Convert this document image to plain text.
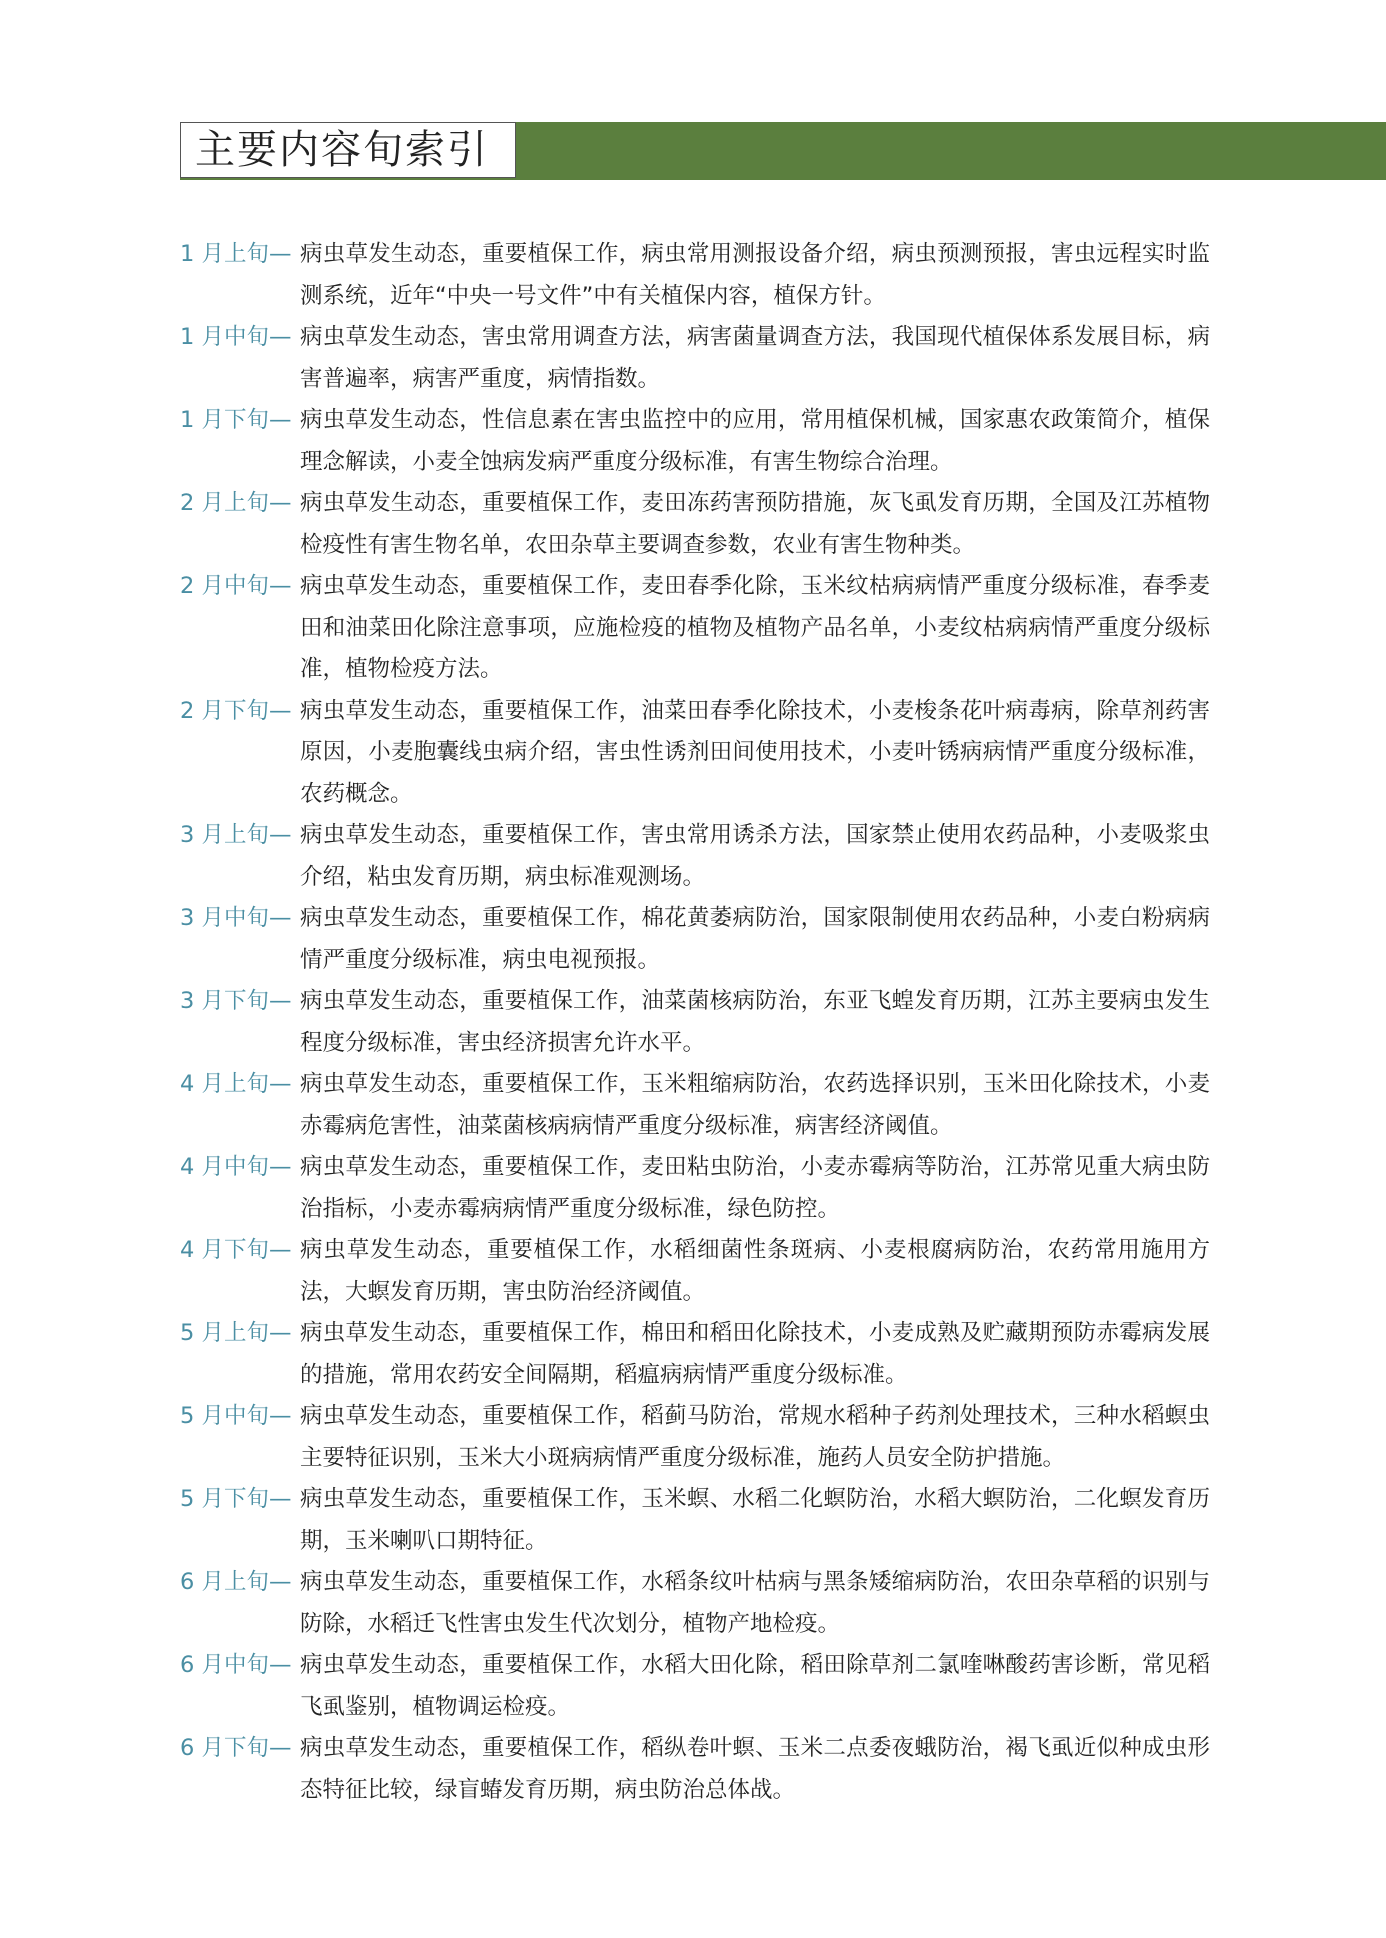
主要内容旬索引
1 月上旬— 病虫草发生动态，重要植保工作，病虫常用测报设备介绍，病虫预测预报，害虫远程实时监测系统，近年“中央一号文件”中有关植保内容，植保方针。
1 月中旬— 病虫草发生动态，害虫常用调查方法，病害菌量调查方法，我国现代植保体系发展目标，病害普遍率，病害严重度，病情指数。
1 月下旬— 病虫草发生动态，性信息素在害虫监控中的应用，常用植保机械，国家惠农政策简介，植保理念解读，小麦全蚀病发病严重度分级标准，有害生物综合治理。
2 月上旬— 病虫草发生动态，重要植保工作，麦田冻药害预防措施，灰飞虱发育历期，全国及江苏植物检疫性有害生物名单，农田杂草主要调查参数，农业有害生物种类。
2 月中旬— 病虫草发生动态，重要植保工作，麦田春季化除，玉米纹枯病病情严重度分级标准，春季麦田和油菜田化除注意事项，应施检疫的植物及植物产品名单，小麦纹枯病病情严重度分级标准，植物检疫方法。
2 月下旬— 病虫草发生动态，重要植保工作，油菜田春季化除技术，小麦梭条花叶病毒病，除草剂药害原因，小麦胞囊线虫病介绍，害虫性诱剂田间使用技术，小麦叶锈病病情严重度分级标准，农药概念。
3 月上旬— 病虫草发生动态，重要植保工作，害虫常用诱杀方法，国家禁止使用农药品种，小麦吸浆虫介绍，粘虫发育历期，病虫标准观测场。
3 月中旬— 病虫草发生动态，重要植保工作，棉花黄萎病防治，国家限制使用农药品种，小麦白粉病病情严重度分级标准，病虫电视预报。
3 月下旬— 病虫草发生动态，重要植保工作，油菜菌核病防治，东亚飞蝗发育历期，江苏主要病虫发生程度分级标准，害虫经济损害允许水平。
4 月上旬— 病虫草发生动态，重要植保工作，玉米粗缩病防治，农药选择识别，玉米田化除技术，小麦赤霉病危害性，油菜菌核病病情严重度分级标准，病害经济阈值。
4 月中旬— 病虫草发生动态，重要植保工作，麦田粘虫防治，小麦赤霉病等防治，江苏常见重大病虫防治指标，小麦赤霉病病情严重度分级标准，绿色防控。
4 月下旬— 病虫草发生动态，重要植保工作，水稻细菌性条斑病、小麦根腐病防治，农药常用施用方法，大螟发育历期，害虫防治经济阈值。
5 月上旬— 病虫草发生动态，重要植保工作，棉田和稻田化除技术，小麦成熟及贮藏期预防赤霉病发展的措施，常用农药安全间隔期，稻瘟病病情严重度分级标准。
5 月中旬— 病虫草发生动态，重要植保工作，稻蓟马防治，常规水稻种子药剂处理技术，三种水稻螟虫主要特征识别，玉米大小斑病病情严重度分级标准，施药人员安全防护措施。
5 月下旬— 病虫草发生动态，重要植保工作，玉米螟、水稻二化螟防治，水稻大螟防治，二化螟发育历期，玉米喇叭口期特征。
6 月上旬— 病虫草发生动态，重要植保工作，水稻条纹叶枯病与黑条矮缩病防治，农田杂草稻的识别与防除，水稻迁飞性害虫发生代次划分，植物产地检疫。
6 月中旬— 病虫草发生动态，重要植保工作，水稻大田化除，稻田除草剂二氯喹啉酸药害诊断，常见稻飞虱鉴别，植物调运检疫。
6 月下旬— 病虫草发生动态，重要植保工作，稻纵卷叶螟、玉米二点委夜蛾防治，褐飞虱近似种成虫形态特征比较，绿盲蝽发育历期，病虫防治总体战。
